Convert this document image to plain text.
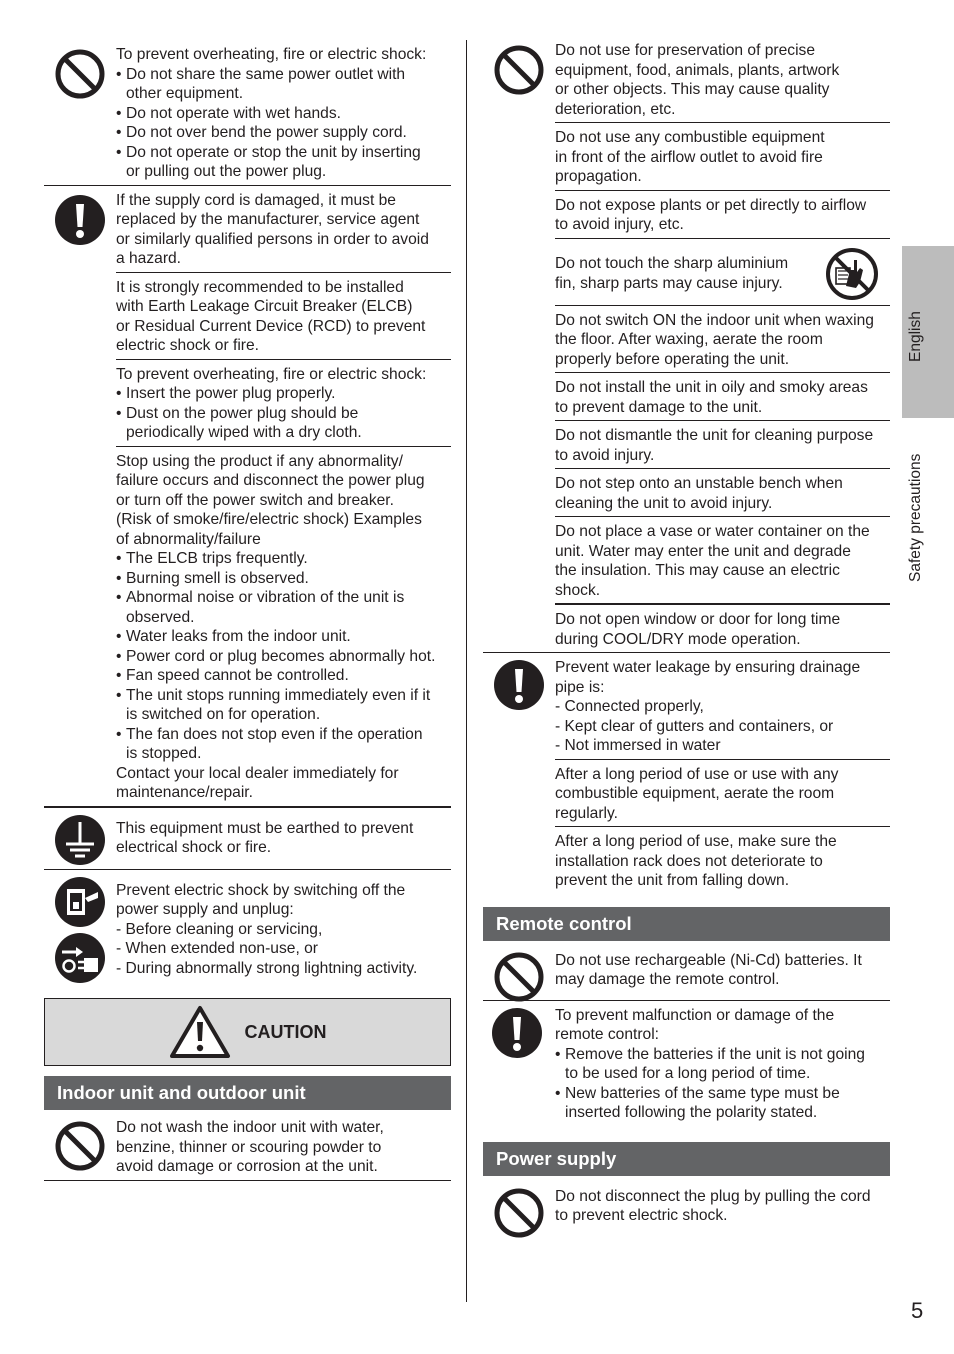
To prevent overheating, fire or electric shock:
• Do not share the same power outlet with
other equipment.
• Do not operate with wet hands.
• Do not over bend the power supply cord.
• Do not operate or stop the unit by inserting
or pulling out the power plug.
If the supply cord is damaged, it must be
replaced by the manufacturer, service agent
or similarly qualified persons in order to avoid
a hazard.
It is strongly recommended to be installed
with Earth Leakage Circuit Breaker (ELCB)
or Residual Current Device (RCD) to prevent
electric shock or fire.
To prevent overheating, fire or electric shock:
• Insert the power plug properly.
• Dust on the power plug should be
periodically wiped with a dry cloth.
Stop using the product if any abnormality/
failure occurs and disconnect the power plug
or turn off the power switch and breaker.
(Risk of smoke/fire/electric shock) Examples
of abnormality/failure
• The ELCB trips frequently.
• Burning smell is observed.
• Abnormal noise or vibration of the unit is
observed.
• Water leaks from the indoor unit.
• Power cord or plug becomes abnormally hot.
• Fan speed cannot be controlled.
• The unit stops running immediately even if it
is switched on for operation.
• The fan does not stop even if the operation
is stopped.
Contact your local dealer immediately for
maintenance/repair.
This equipment must be earthed to prevent
electrical shock or fire.
Prevent electric shock by switching off the
power supply and unplug:
- Before cleaning or servicing,
- When extended non-use, or
- During abnormally strong lightning activity.
CAUTION
Indoor unit and outdoor unit
Do not wash the indoor unit with water,
benzine, thinner or scouring powder to
avoid damage or corrosion at the unit.
Do not use for preservation of precise
equipment, food, animals, plants, artwork
or other objects. This may cause quality
deterioration, etc.
Do not use any combustible equipment
in front of the airflow outlet to avoid fire
propagation.
Do not expose plants or pet directly to airflow
to avoid injury, etc.
Do not touch the sharp aluminium
fin, sharp parts may cause injury.
Do not switch ON the indoor unit when waxing
the floor. After waxing, aerate the room
properly before operating the unit.
Do not install the unit in oily and smoky areas
to prevent damage to the unit.
Do not dismantle the unit for cleaning purpose
to avoid injury.
Do not step onto an unstable bench when
cleaning the unit to avoid injury.
Do not place a vase or water container on the
unit. Water may enter the unit and degrade
the insulation. This may cause an electric
shock.
Do not open window or door for long time
during COOL/DRY mode operation.
Prevent water leakage by ensuring drainage
pipe is:
- Connected properly,
- Kept clear of gutters and containers, or
- Not immersed in water
After a long period of use or use with any
combustible equipment, aerate the room
regularly.
After a long period of use, make sure the
installation rack does not deteriorate to
prevent the unit from falling down.
Remote control
Do not use rechargeable (Ni-Cd) batteries. It
may damage the remote control.
To prevent malfunction or damage of the
remote control:
• Remove the batteries if the unit is not going
to be used for a long period of time.
• New batteries of the same type must be
inserted following the polarity stated.
Power supply
Do not disconnect the plug by pulling the cord
to prevent electric shock.
English
Safety precautions
5
